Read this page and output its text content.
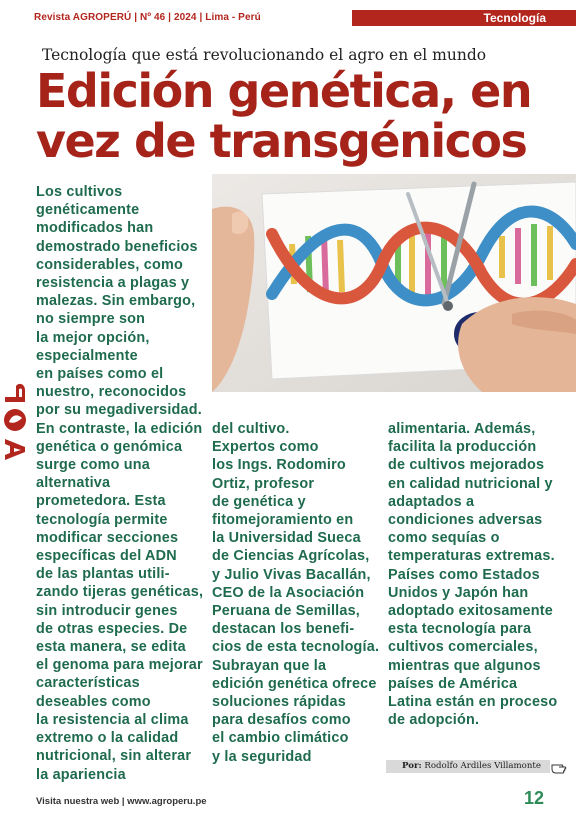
Revista AGROPERÚ | Nº 46 | 2024 | Lima - Perú	Tecnología
Tecnología que está revolucionando el agro en el mundo
Edición genética, en
vez de transgénicos

Los cultivos
genéticamente
modificados han
demostrado beneficios
considerables, como
resistencia a plagas y
malezas. Sin embargo,
no siempre son
la mejor opción,
especialmente
en países como el
nuestro, reconocidos
por su megadiversidad.
En contraste, la edición
genética o genómica
surge como una
alternativa
prometedora. Esta
tecnología permite
modificar secciones
específicas del ADN
de las plantas utili-
zando tijeras genéticas,
sin introducir genes
de otras especies. De
esta manera, se edita
el genoma para mejorar
características
deseables como
la resistencia al clima
extremo o la calidad
nutricional, sin alterar
la apariencia

del cultivo.
Expertos como
los Ings. Rodomiro
Ortiz, profesor
de genética y
fitomejoramiento en
la Universidad Sueca
de Ciencias Agrícolas,
y Julio Vivas Bacallán,
CEO de la Asociación
Peruana de Semillas,
destacan los benefi-
cios de esta tecnología.
Subrayan que la
edición genética ofrece
soluciones rápidas
para desafíos como
el cambio climático
y la seguridad

alimentaria. Además,
facilita la producción
de cultivos mejorados
en calidad nutricional y
adaptados a
condiciones adversas
como sequías o
temperaturas extremas.
Países como Estados
Unidos y Japón han
adoptado exitosamente
esta tecnología para
cultivos comerciales,
mientras que algunos
países de América
Latina están en proceso
de adopción.

Por: Rodolfo Ardiles Villamonte
Visita nuestra web | www.agroperu.pe	12
